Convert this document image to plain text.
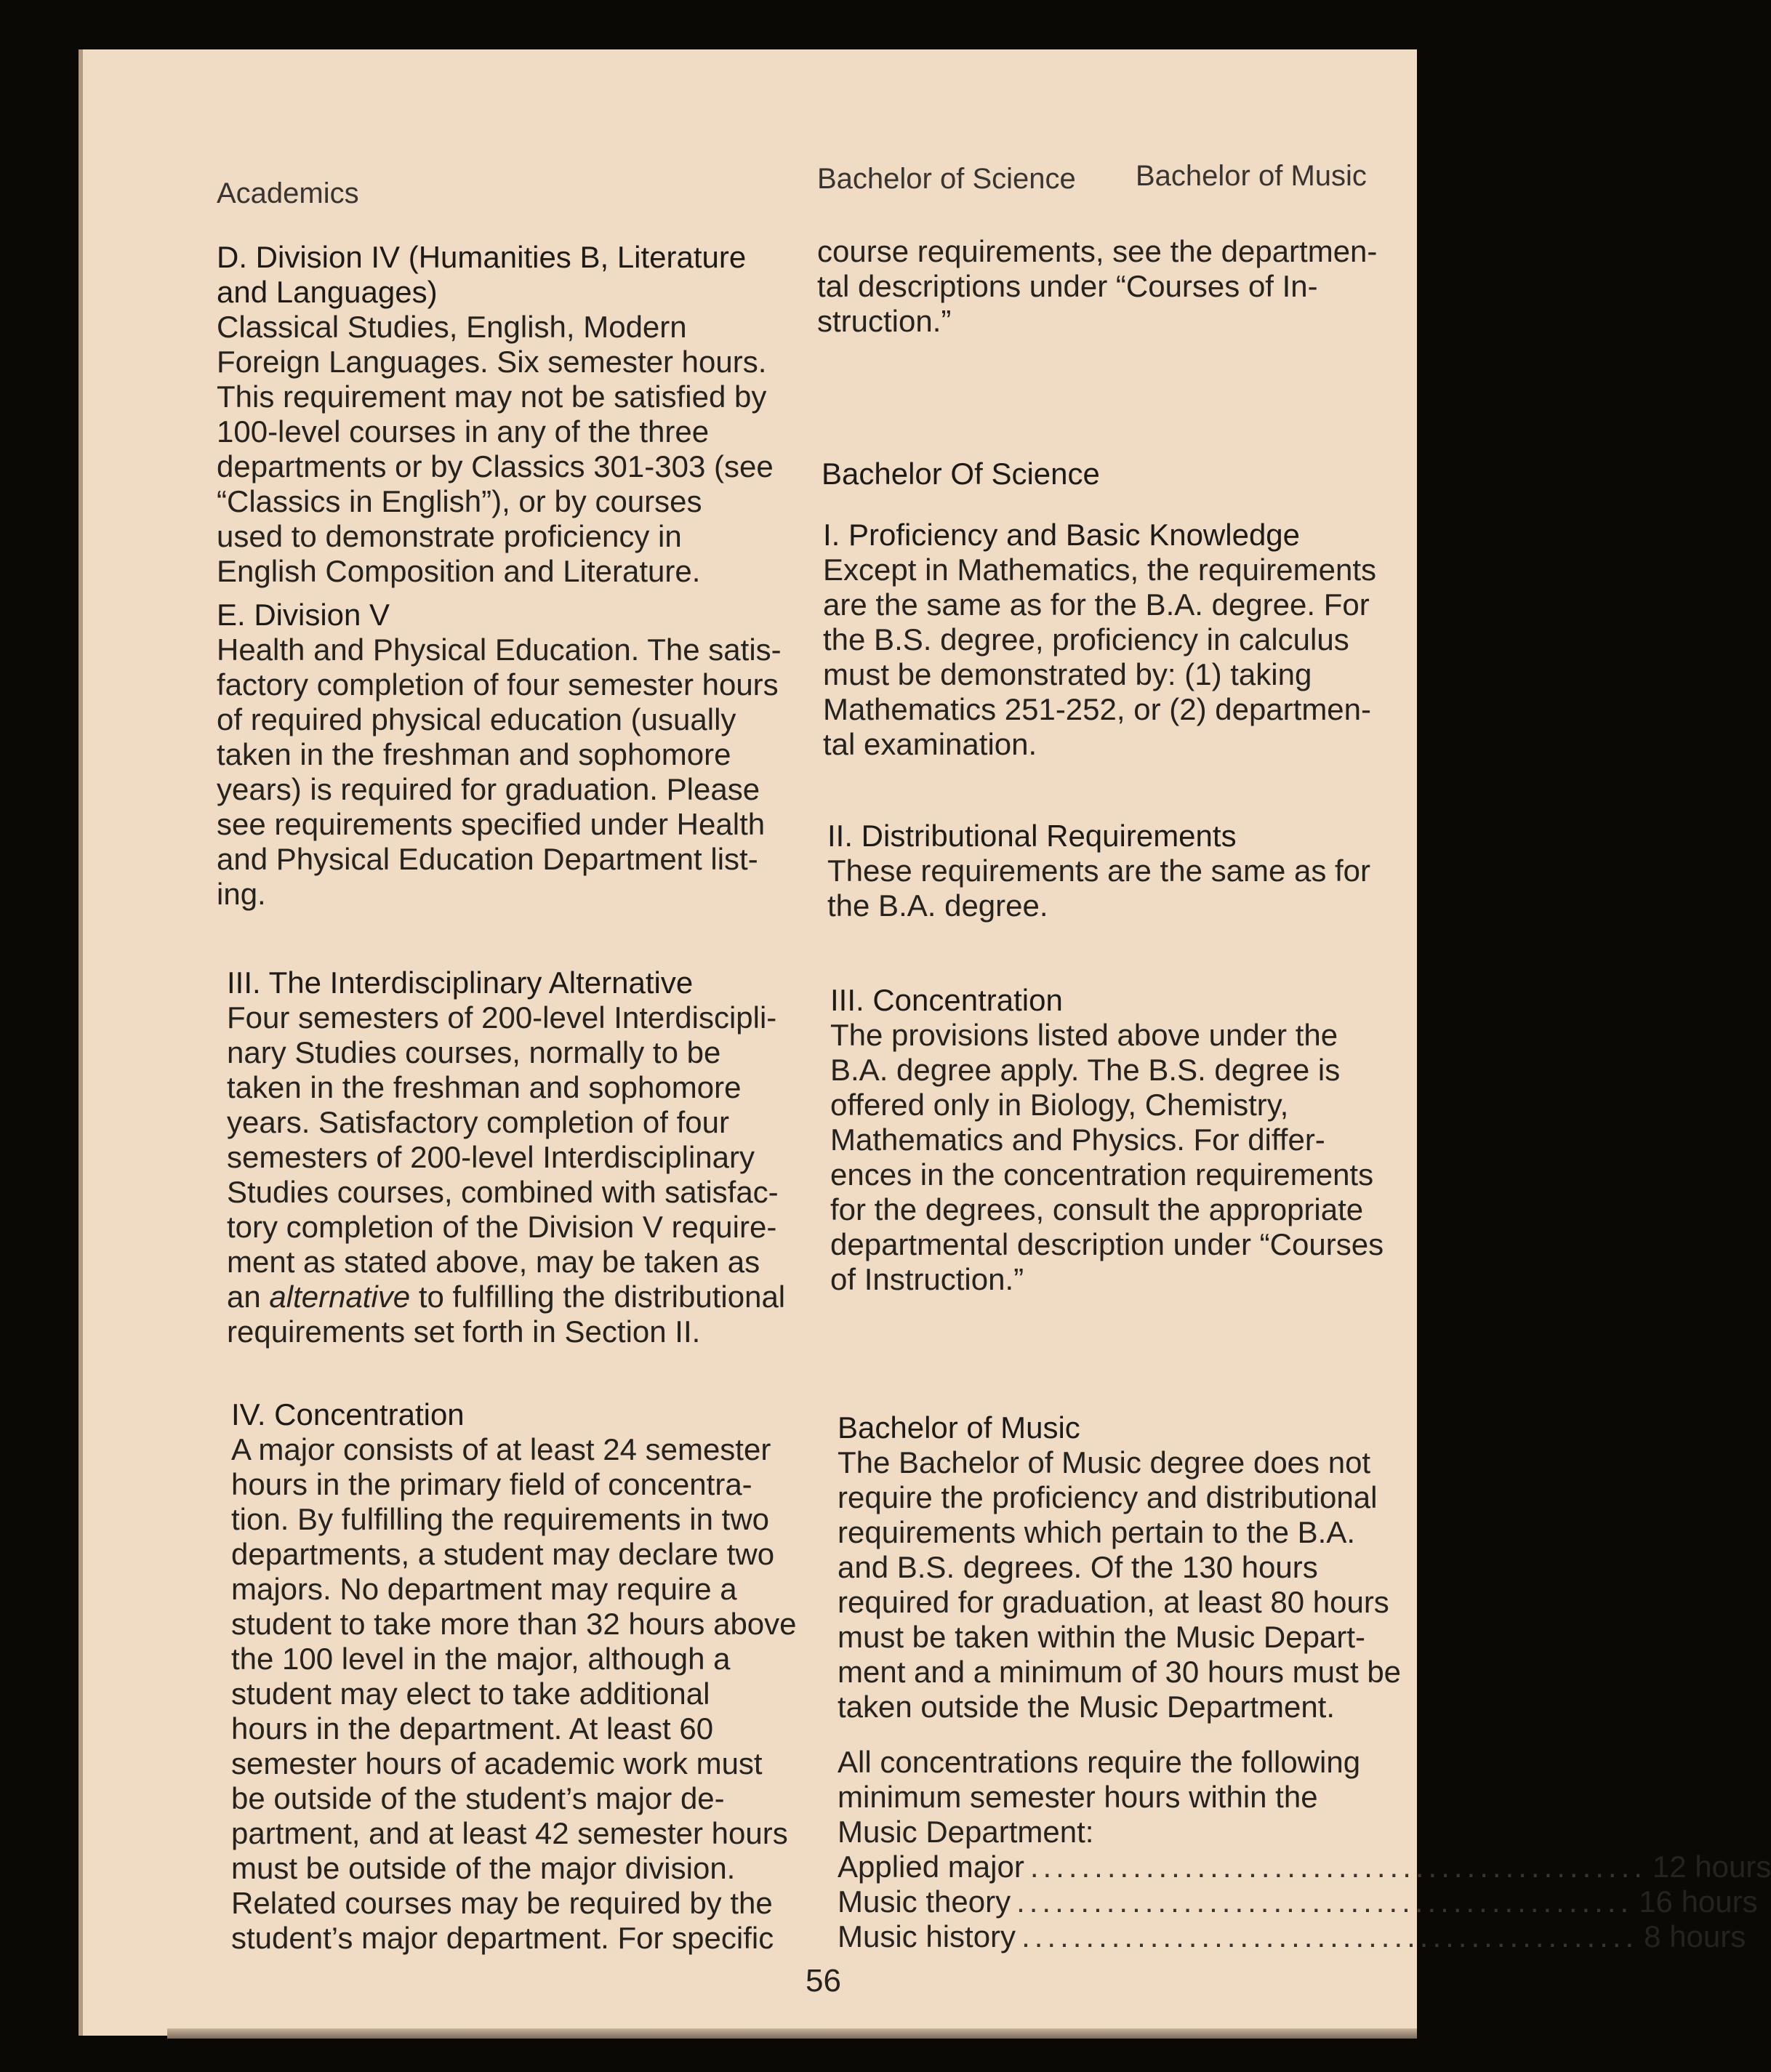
Academics	Bachelor of Science Bachelor of Music
D. Division IV (Humanities B, Literature
and Languages)

Classical Studies, English, Modern

Foreign Languages. Six semester hours.

This requirement may not be satisfied by

100-level courses in any of the three

departments or by Classics 301-303 (see

“Classics in English”), or by courses

used to demonstrate proficiency in

English Composition and Literature.

E. Division V

Health and Physical Education. The satis-

factory completion of four semester hours

of required physical education (usually

taken in the freshman and sophomore

years) is required for graduation. Please

see requirements specified under Health

and Physical Education Department list-

ing.

III. The Interdisciplinary Alternative

Four semesters of 200-level Interdiscipli-

nary Studies courses, normally to be

taken in the freshman and sophomore

years. Satisfactory completion of four

semesters of 200-level Interdisciplinary

Studies courses, combined with satisfac-

tory completion of the Division V require-

ment as stated above, may be taken as

an alternative to fulfilling the distributional

requirements set forth in Section II.

IV. Concentration

A major consists of at least 24 semester

hours in the primary field of concentra-

tion. By fulfilling the requirements in two

departments, a student may declare two

majors. No department may require a

student to take more than 32 hours above

the 100 level in the major, although a

student may elect to take additional

hours in the department. At least 60

semester hours of academic work must

be outside of the student’s major de-

partment, and at least 42 semester hours

must be outside of the major division.

Related courses may be required by the

student’s major department. For specific

course requirements, see the departmen-

tal descriptions under “Courses of In-

struction.”

Bachelor Of Science
I. Proficiency and Basic Knowledge

Except in Mathematics, the requirements

are the same as for the B.A. degree. For

the B.S. degree, proficiency in calculus

must be demonstrated by: (1) taking

Mathematics 251-252, or (2) departmen-

tal examination.

II. Distributional Requirements

These requirements are the same as for

the B.A. degree.

III. Concentration

The provisions listed above under the

B.A. degree apply. The B.S. degree is

offered only in Biology, Chemistry,

Mathematics and Physics. For differ-

ences in the concentration requirements

for the degrees, consult the appropriate

departmental description under “Courses

of Instruction.”

Bachelor of Music

The Bachelor of Music degree does not

require the proficiency and distributional

requirements which pertain to the B.A.

and B.S. degrees. Of the 130 hours

required for graduation, at least 80 hours

must be taken within the Music Depart-

ment and a minimum of 30 hours must be

taken outside the Music Department.

All concentrations require the following

minimum semester hours within the

Music Department:

Applied major ................................................ 12 hours
Music theory ................................................ 16 hours
Music history ................................................ 8 hours
56
